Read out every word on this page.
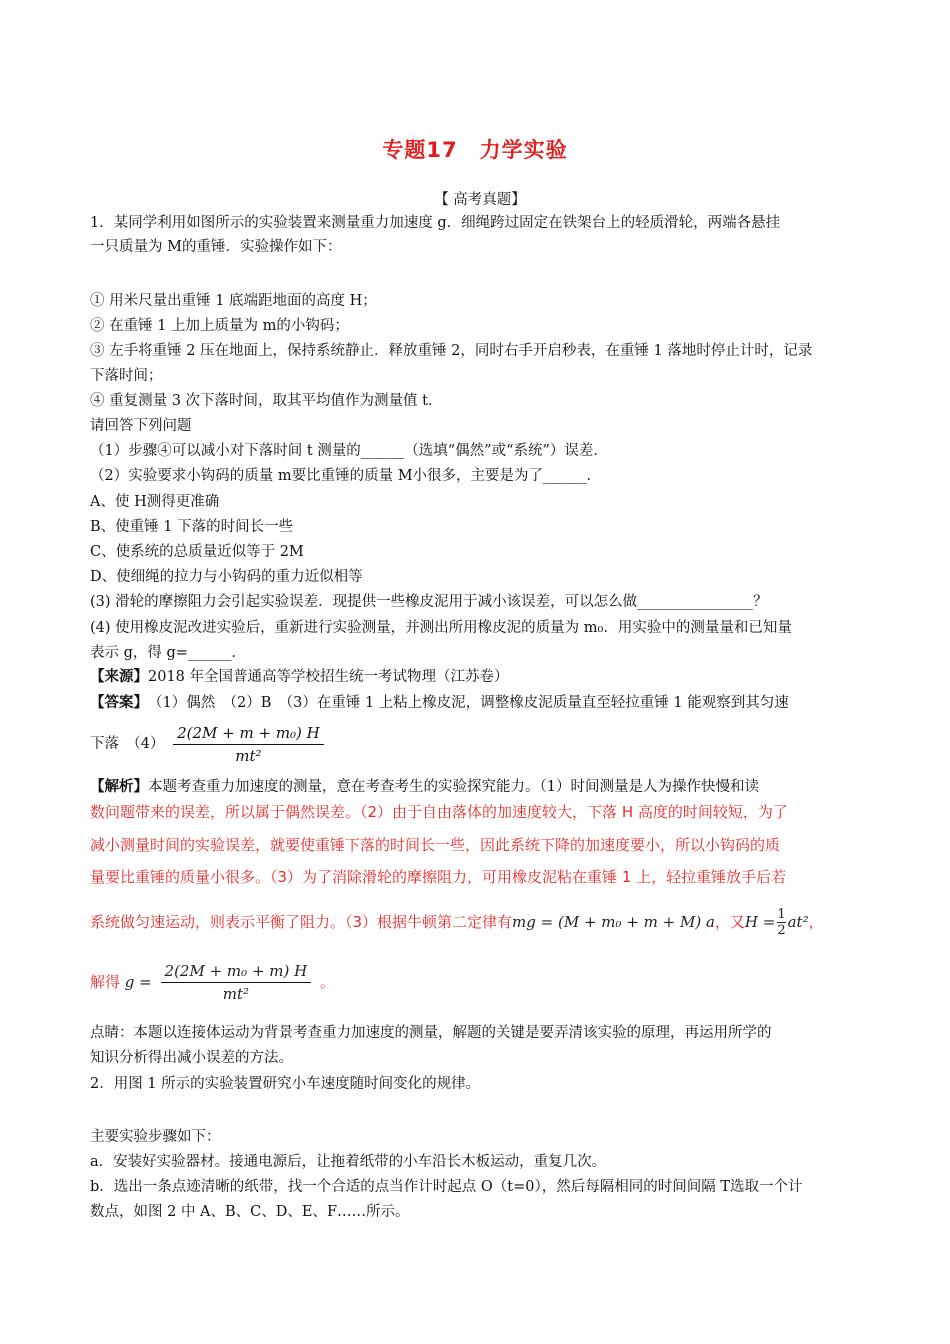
专题17　力学实验
【 高考真题】
1．某同学利用如图所示的实验装置来测量重力加速度 g．细绳跨过固定在铁架台上的轻质滑轮，两端各悬挂
一只质量为 M的重锤．实验操作如下：
① 用米尺量出重锤 1 底端距地面的高度 H；
② 在重锤 1 上加上质量为 m的小钩码；
③ 左手将重锤 2 压在地面上，保持系统静止．释放重锤 2，同时右手开启秒表，在重锤 1 落地时停止计时，记录
下落时间；
④ 重复测量 3 次下落时间，取其平均值作为测量值 t．
请回答下列问题
（1）步骤④可以减小对下落时间 t 测量的______（选填“偶然”或“系统”）误差．
（2）实验要求小钩码的质量 m要比重锤的质量 M小很多，主要是为了______．
A、使 H测得更准确
B、使重锤 1 下落的时间长一些
C、使系统的总质量近似等于 2M
D、使细绳的拉力与小钩码的重力近似相等
(3) 滑轮的摩擦阻力会引起实验误差．现提供一些橡皮泥用于减小该误差，可以怎么做________________？
(4) 使用橡皮泥改进实验后，重新进行实验测量，并测出所用橡皮泥的质量为 m₀．用实验中的测量量和已知量
表示 g，得 g=______．
【来源】2018 年全国普通高等学校招生统一考试物理（江苏卷）
【答案】　（1）偶然　（2）B　（3）在重锤 1 上粘上橡皮泥，调整橡皮泥质量直至轻拉重锤 1 能观察到其匀速
下落　$(4) \frac{\text{2(2M + m + m₀) H}}{\text{mt²}}$
【解析】本题考查重力加速度的测量，意在考查考生的实验探究能力。（1）时间测量是人为操作快慢和读
数问题带来的误差，所以属于偶然误差。（2）由于自由落体的加速度较大，下落 H 高度的时间较短，为了
减小测量时间的实验误差，就要使重锤下落的时间长一些，因此系统下降的加速度要小，所以小钩码的质
量要比重锤的质量小很多。（3）为了消除滑轮的摩擦阻力，可用橡皮泥粘在重锤 1 上，轻拉重锤放手后若
系统做匀速运动，则表示平衡了阻力。（3）根据牛顿第二定律有mg = (M + m₀ + m + M) a，又$H = \frac{1}{2} at^2$，
解得 $g = \frac{\text{2(2M + m₀ + m) H}}{\text{mt²}}$ 。
点睛：本题以连接体运动为背景考查重力加速度的测量，解题的关键是要弄清该实验的原理，再运用所学的
知识分析得出减小误差的方法。
2．用图 1 所示的实验装置研究小车速度随时间变化的规律。
主要实验步骤如下：
a．安装好实验器材。接通电源后，让拖着纸带的小车沿长木板运动，重复几次。
b．选出一条点迹清晰的纸带，找一个合适的点当作计时起点 O（t=0），然后每隔相同的时间间隔 T选取一个计
数点，如图 2 中 A、B、C、D、E、F……所示。
